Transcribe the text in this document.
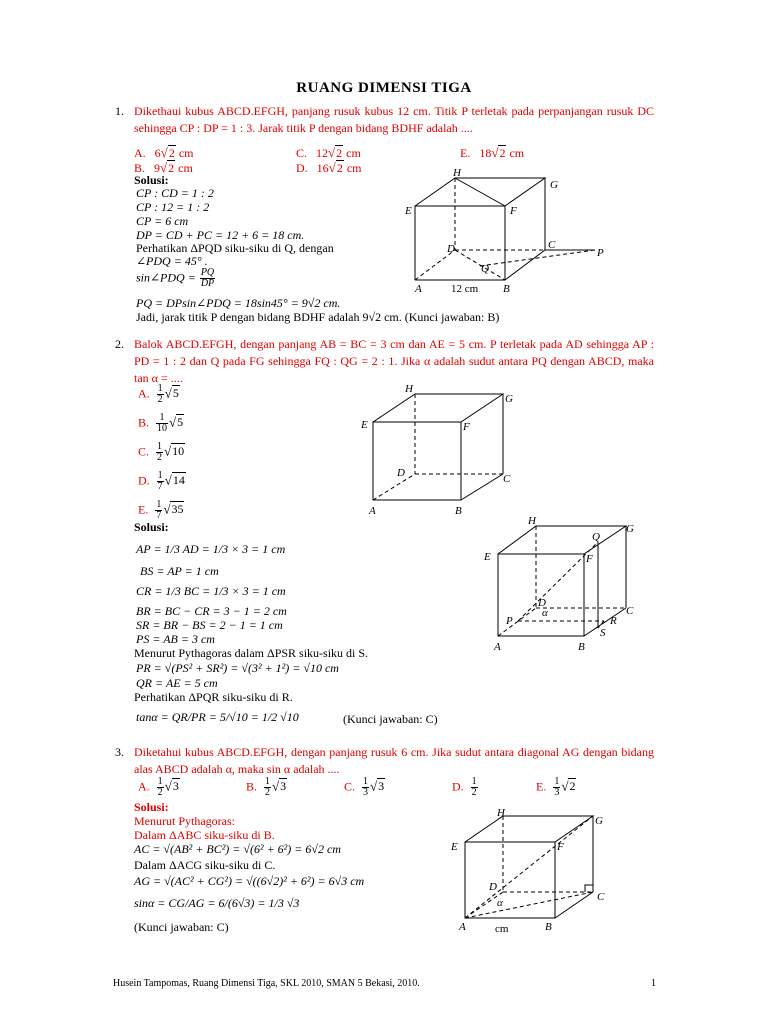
RUANG DIMENSI TIGA
1. Dikethaui kubus ABCD.EFGH, panjang rusuk kubus 12 cm. Titik P terletak pada perpanjangan rusuk DC sehingga CP : DP = 1 : 3. Jarak titik P dengan bidang BDHF adalah ....
A. 6√2 cm	C. 12√2 cm	E. 18√2 cm
B. 9√2 cm	D. 16√2 cm
Solusi:
CP : CD = 1 : 2
CP : 12 = 1 : 2
CP = 6 cm
DP = CD + PC = 12 + 6 = 18 cm.
Perhatikan ΔPQD siku-siku di Q, dengan
∠PDQ = 45° .
sin∠PDQ = $\frac{PQ}{DP}$
PQ = DPsin∠PDQ = 18sin45° = 9√2 cm.
Jadi, jarak titik P dengan bidang BDHF adalah 9√2 cm. (Kunci jawaban: B)
H
G
E	F
D	C
P
Q
A	B
12 cm
2. Balok ABCD.EFGH, dengan panjang AB = BC = 3 cm dan AE = 5 cm. P terletak pada AD sehingga AP : PD = 1 : 2 dan Q pada FG sehingga FQ : QG = 2 : 1. Jika α adalah sudut antara PQ dengan ABCD, maka tan α = ....
A. $\frac{1}{2} √5$
B. $\frac{1}{10} √5$
C. $\frac{1}{2} √10$
D. $\frac{1}{7} √14$
E. $\frac{1}{7} √35$
H
G
E	F
D	C
A	B
Solusi:
AP = 1/3 AD = 1/3 × 3 = 1 cm
BS = AP = 1 cm
CR = 1/3 BC = 1/3 × 3 = 1 cm
BR = BC − CR = 3 − 1 = 2 cm
SR = BR − BS = 2 − 1 = 1 cm
PS = AB = 3 cm
Menurut Pythagoras dalam ΔPSR siku-siku di S.
PR = √(PS² + SR²) = √(3² + 1²) = √10 cm
QR = AE = 5 cm
Perhatikan ΔPQR siku-siku di R.
tanα = QR/PR = 5/√10 = 1/2 √10	(Kunci jawaban: C)
H
G
E	F
Q
D
α	C
P	R
S
A	B
3. Diketahui kubus ABCD.EFGH, dengan panjang rusuk 6 cm. Jika sudut antara diagonal AG dengan bidang alas ABCD adalah α, maka sin α adalah ....
A. $\frac{1}{2} √3$	B. $\frac{1}{2} √3$	C. $\frac{1}{3} √3$	D. $\frac{1}{2}$	E. $\frac{1}{3} √2$
Solusi:
Menurut Pythagoras:
Dalam ΔABC siku-siku di B.
AC = √(AB² + BC²) = √(6² + 6²) = 6√2 cm
Dalam ΔACG siku-siku di C.
AG = √(AC² + CG²) = √((6√2)² + 6²) = 6√3 cm
sinα = CG/AG = 6/(6√3) = 1/3 √3
(Kunci jawaban: C)
H
G
E	F
D
α	C
A	B
cm
Husein Tampomas, Ruang Dimensi Tiga, SKL 2010, SMAN 5 Bekasi, 2010.	1
